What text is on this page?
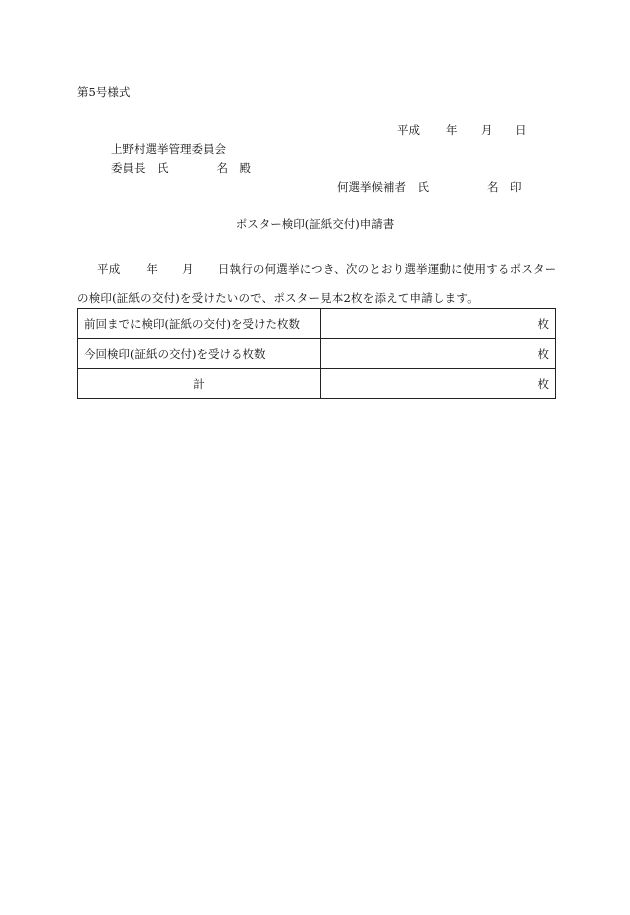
第5号様式
平成 年 月 日
上野村選挙管理委員会
委員長　 氏	名　 殿
何選挙候補者　 氏	名　 印
ポスター検印(証紙交付)申請書
平成 年 月 日執行の何選挙につき、次のとおり選挙運動に使用するポスターの検印(証紙の交付)を受けたいので、ポスター見本2枚を添えて申請します。
前回までに検印(証紙の交付)を受けた枚数	枚
今回検印(証紙の交付)を受ける枚数	枚
計	枚
